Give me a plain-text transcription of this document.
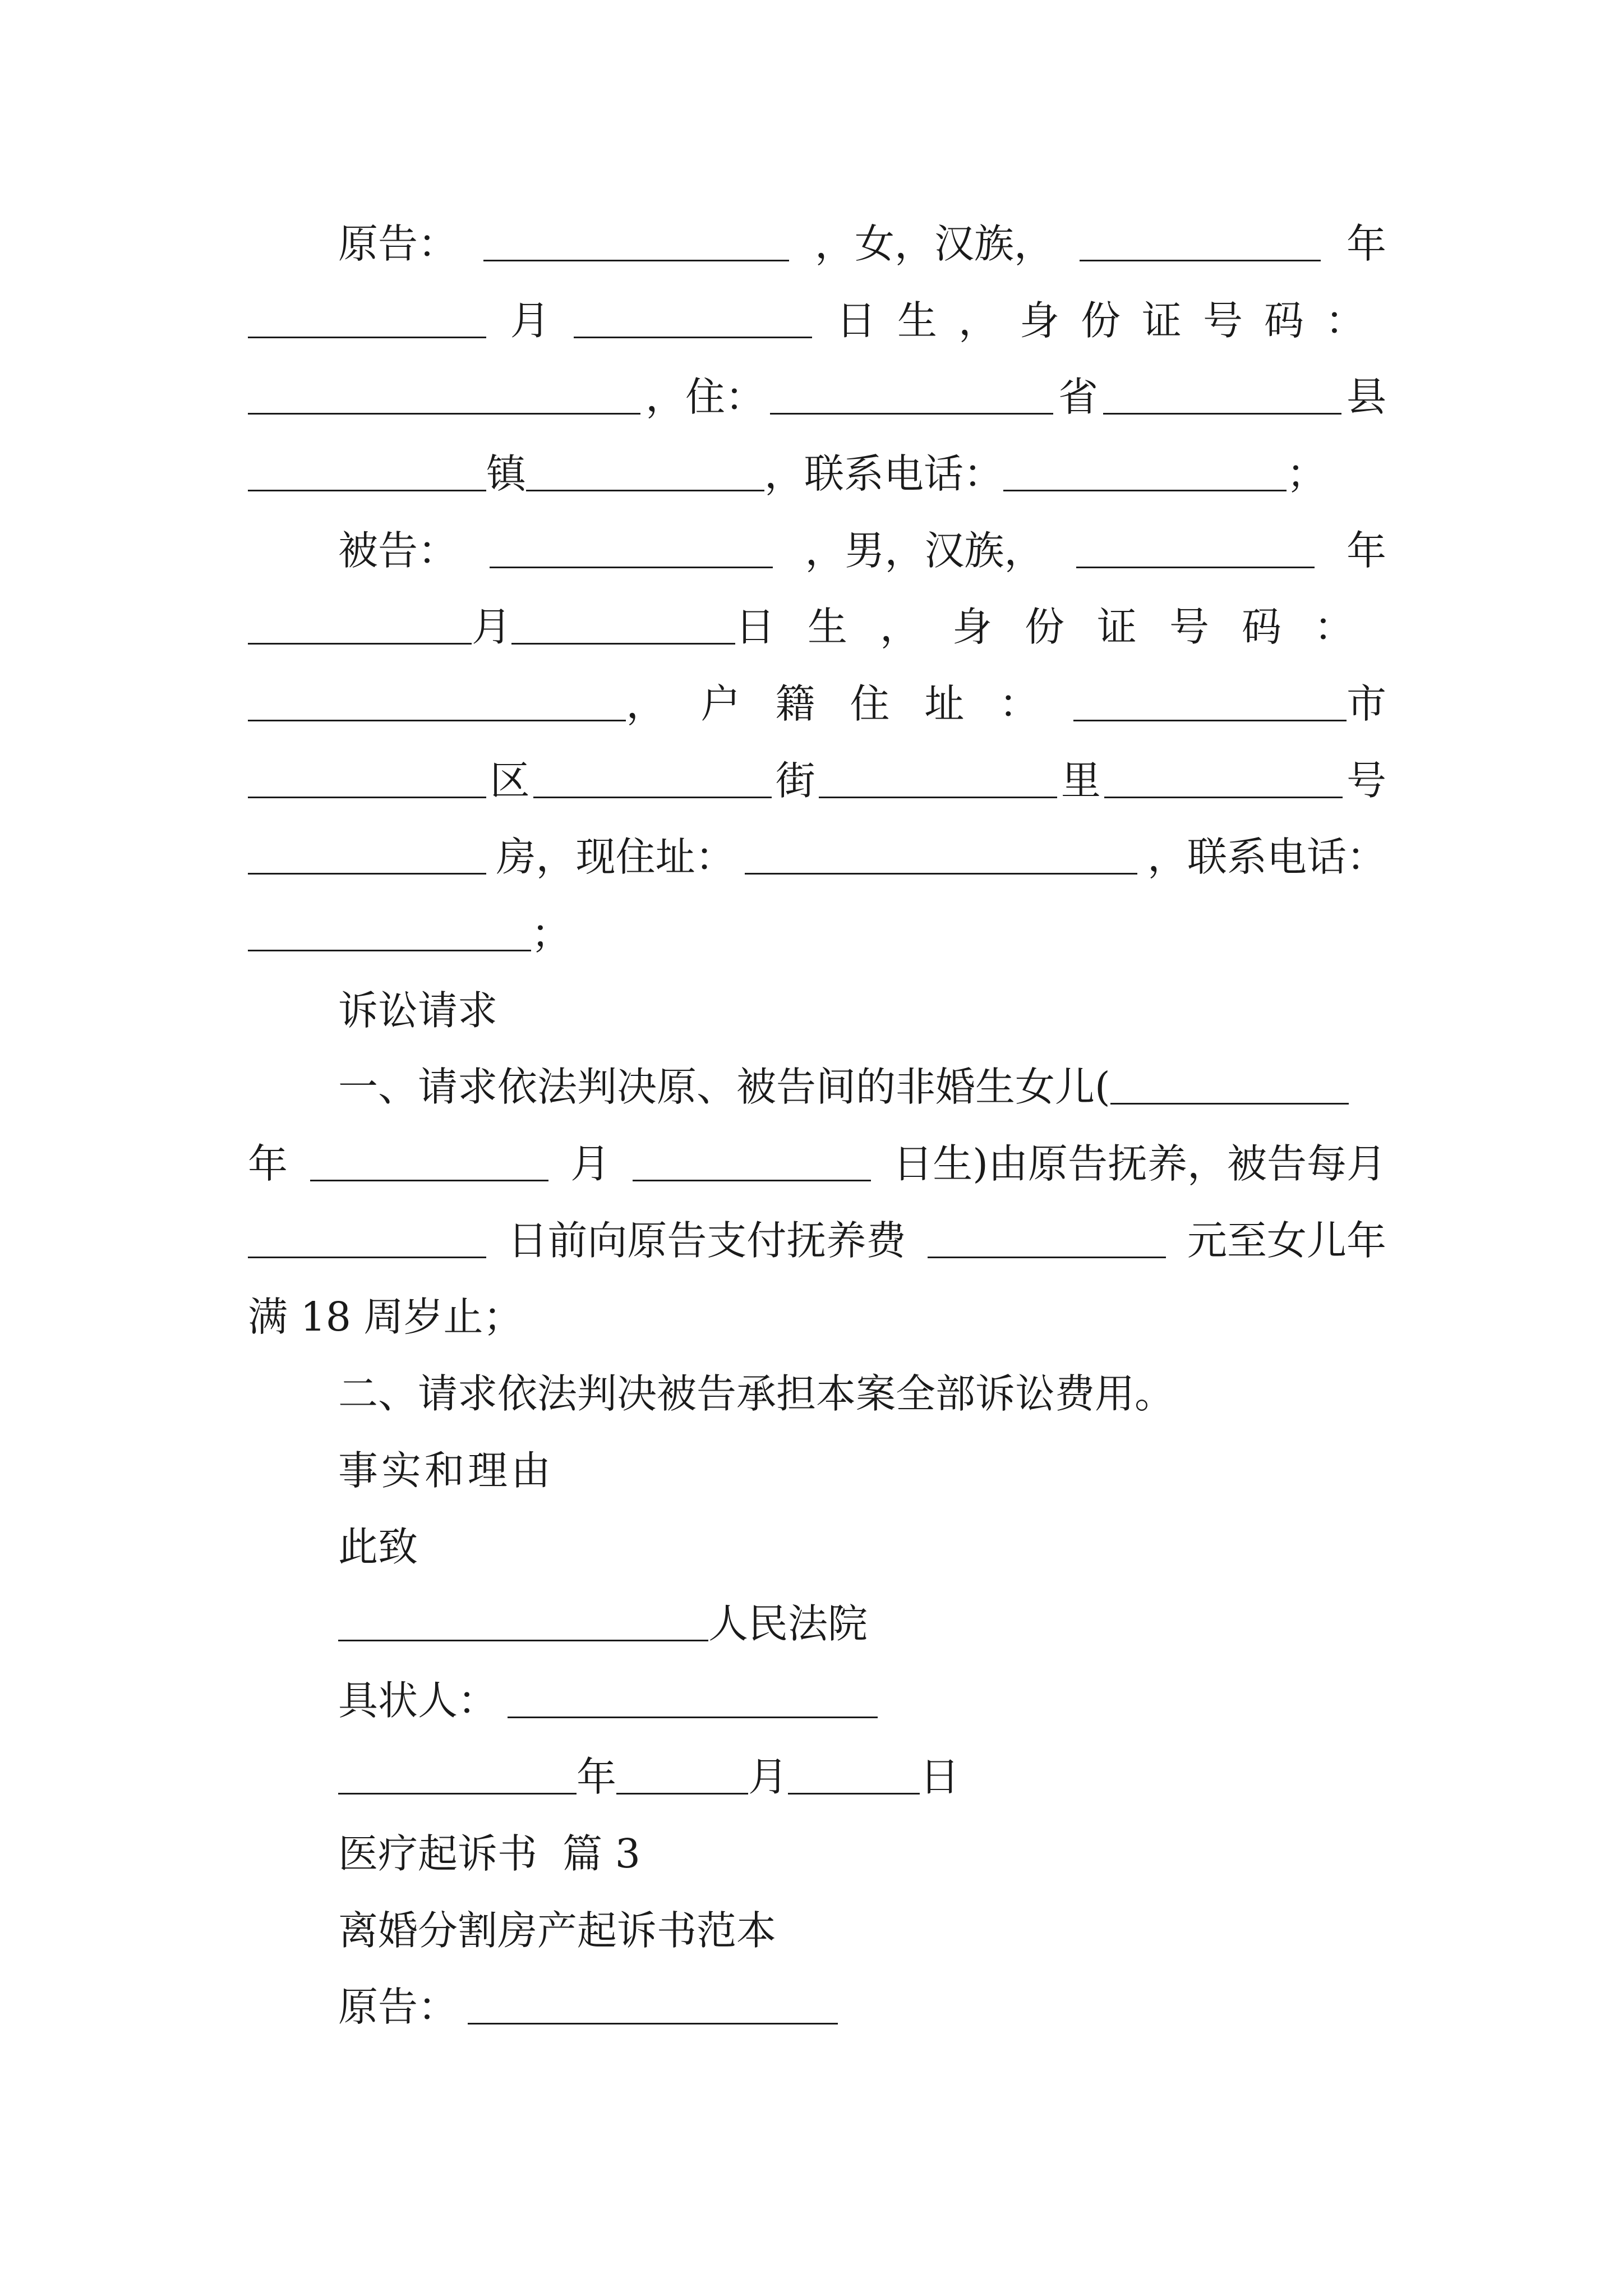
原告：	，女，汉族，	年
月	日生，身份证号码：
，住：	省	县
镇	，联系电话：	；
被告：	，男，汉族，	年
月	日生，身份证号码：
，户籍住址：	市
区	街	里	号
房，现住址：	，联系电话：
；
诉讼请求
一、请求依法判决原、被告间的非婚生女儿(
年	月	日生)由原告抚养，被告每月
日前向原告支付抚养费	元至女儿年
满 18 周岁止；
二、请求依法判决被告承担本案全部诉讼费用。
事实和理由
此致
人民法院
具状人：
年	月	日
医疗起诉书  篇 3
离婚分割房产起诉书范本
原告：
